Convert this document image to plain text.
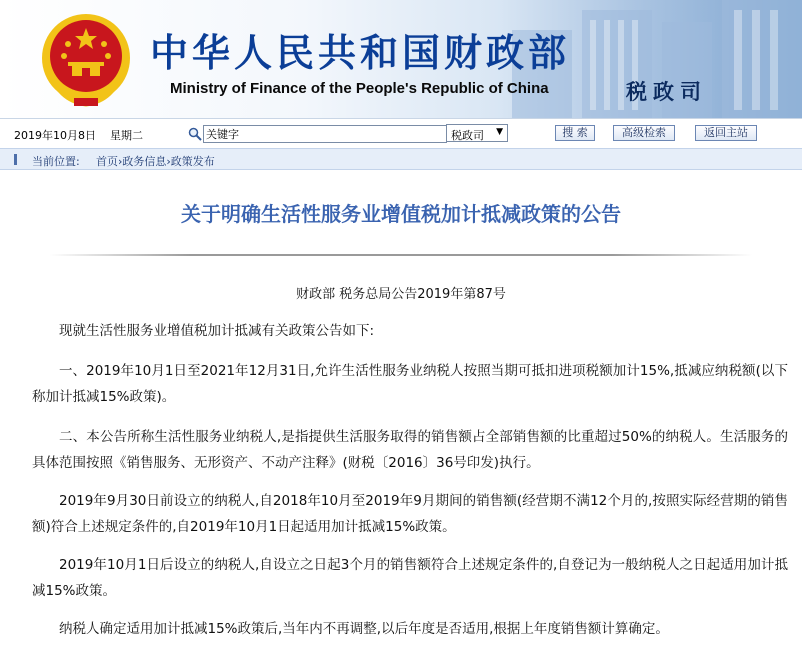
中华人民共和国财政部
Ministry of Finance of the People's Republic of China	税政司
2019年10月8日 星期二
关键字	税政司 ▼	搜 索	高级检索	返回主站
当前位置: 首页›政务信息›政策发布
关于明确生活性服务业增值税加计抵减政策的公告
财政部 税务总局公告2019年第87号

现就生活性服务业增值税加计抵减有关政策公告如下:

一、2019年10月1日至2021年12月31日,允许生活性服务业纳税人按照当期可抵扣进项税额加计15%,抵减应纳税额(以下称加计抵减15%政策)。

二、本公告所称生活性服务业纳税人,是指提供生活服务取得的销售额占全部销售额的比重超过50%的纳税人。生活服务的具体范围按照《销售服务、无形资产、不动产注释》(财税〔2016〕36号印发)执行。

2019年9月30日前设立的纳税人,自2018年10月至2019年9月期间的销售额(经营期不满12个月的,按照实际经营期的销售额)符合上述规定条件的,自2019年10月1日起适用加计抵减15%政策。

2019年10月1日后设立的纳税人,自设立之日起3个月的销售额符合上述规定条件的,自登记为一般纳税人之日起适用加计抵减15%政策。

纳税人确定适用加计抵减15%政策后,当年内不再调整,以后年度是否适用,根据上年度销售额计算确定。
